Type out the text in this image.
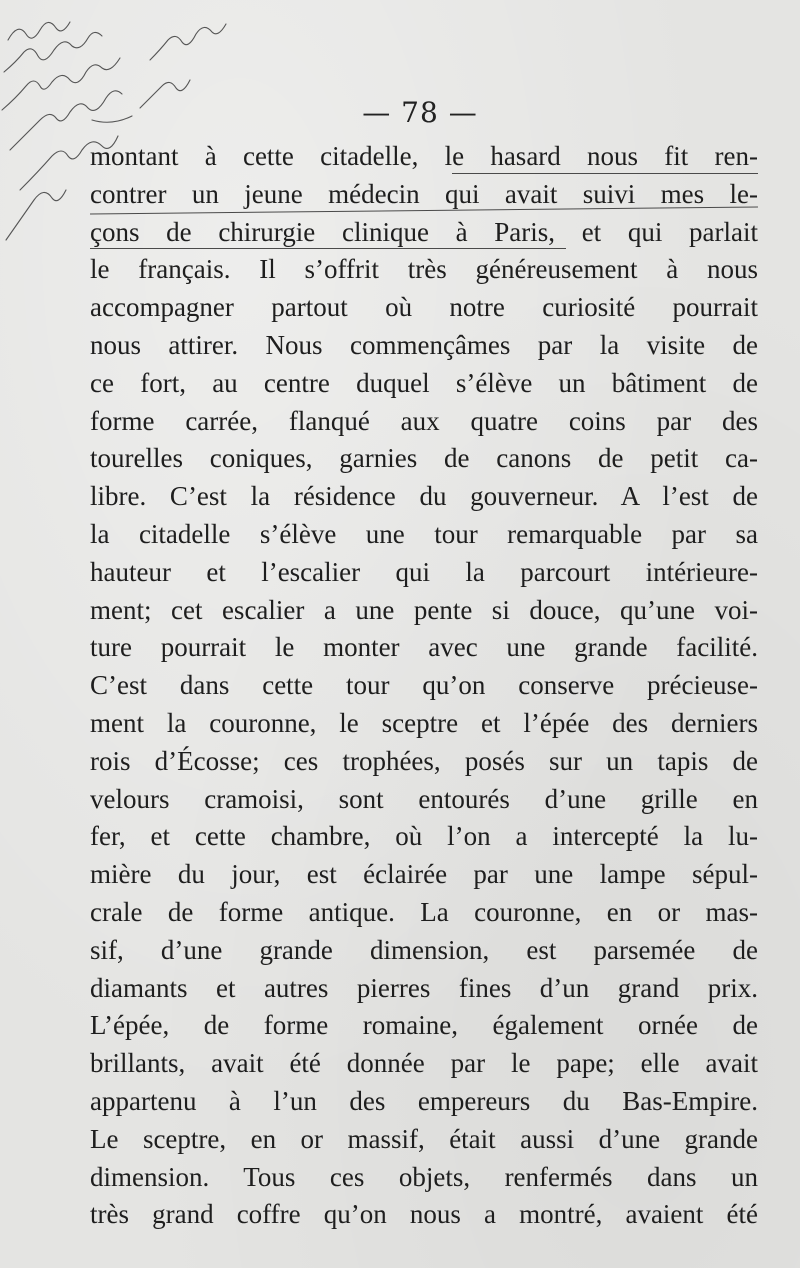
— 78 —
montant à cette citadelle, le hasard nous fit ren-
contrer un jeune médecin qui avait suivi mes le-
çons de chirurgie clinique à Paris, et qui parlait
le français. Il s’offrit très généreusement à nous
accompagner partout où notre curiosité pourrait
nous attirer. Nous commençâmes par la visite de
ce fort, au centre duquel s’élève un bâtiment de
forme carrée, flanqué aux quatre coins par des
tourelles coniques, garnies de canons de petit ca-
libre. C’est la résidence du gouverneur. A l’est de
la citadelle s’élève une tour remarquable par sa
hauteur et l’escalier qui la parcourt intérieure-
ment; cet escalier a une pente si douce, qu’une voi-
ture pourrait le monter avec une grande facilité.
C’est dans cette tour qu’on conserve précieuse-
ment la couronne, le sceptre et l’épée des derniers
rois d’Écosse; ces trophées, posés sur un tapis de
velours cramoisi, sont entourés d’une grille en
fer, et cette chambre, où l’on a intercepté la lu-
mière du jour, est éclairée par une lampe sépul-
crale de forme antique. La couronne, en or mas-
sif, d’une grande dimension, est parsemée de
diamants et autres pierres fines d’un grand prix.
L’épée, de forme romaine, également ornée de
brillants, avait été donnée par le pape; elle avait
appartenu à l’un des empereurs du Bas-Empire.
Le sceptre, en or massif, était aussi d’une grande
dimension. Tous ces objets, renfermés dans un
très grand coffre qu’on nous a montré, avaient été
